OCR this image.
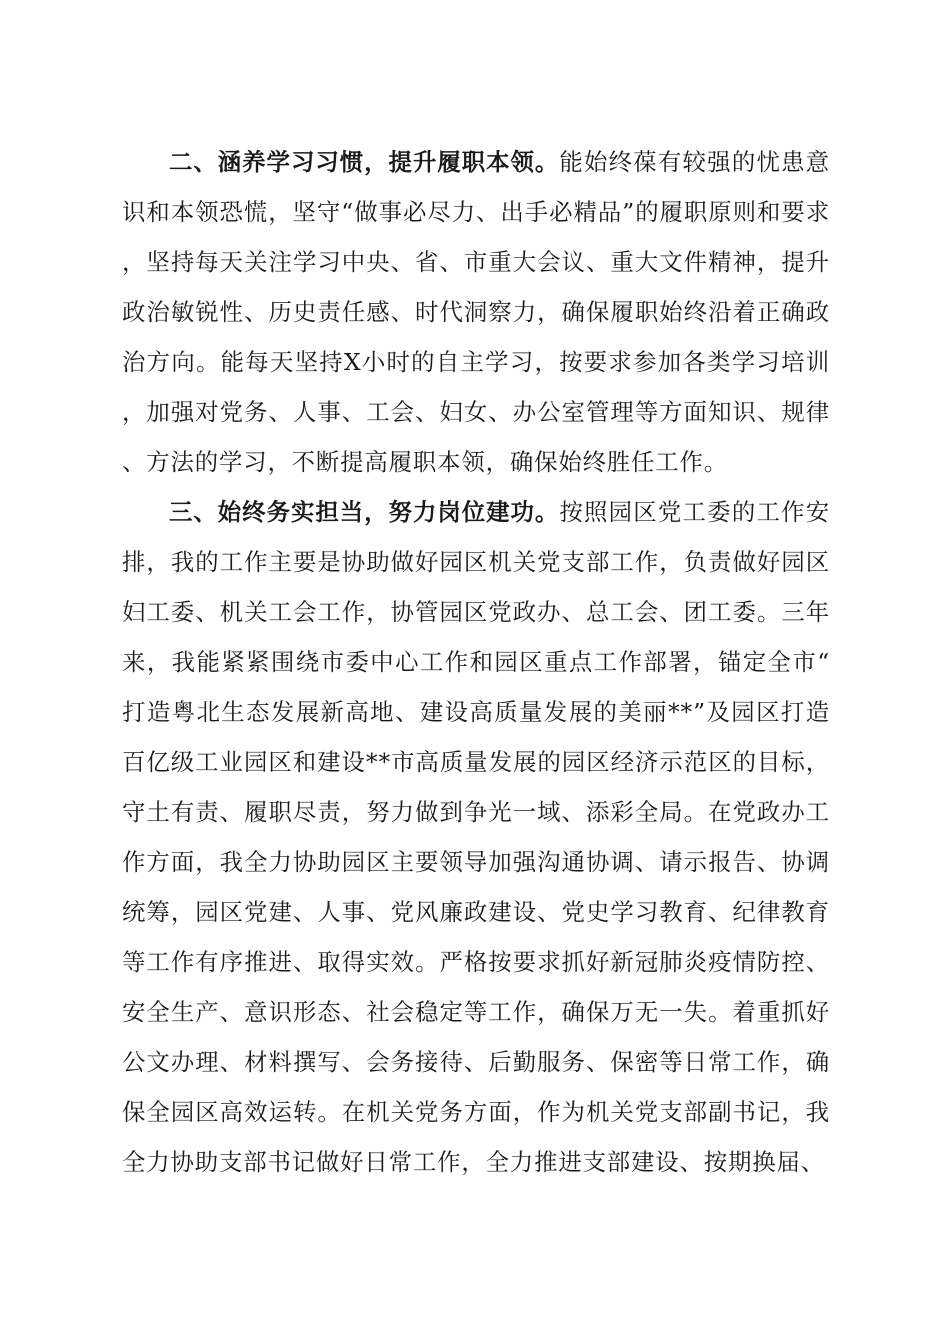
二、涵养学习习惯，提升履职本领。能始终葆有较强的忧患意识和本领恐慌，坚守“做事必尽力、出手必精品”的履职原则和要求，坚持每天关注学习中央、省、市重大会议、重大文件精神，提升政治敏锐性、历史责任感、时代洞察力，确保履职始终沿着正确政治方向。能每天坚持X小时的自主学习，按要求参加各类学习培训，加强对党务、人事、工会、妇女、办公室管理等方面知识、规律、方法的学习，不断提高履职本领，确保始终胜任工作。

三、始终务实担当，努力岗位建功。按照园区党工委的工作安排，我的工作主要是协助做好园区机关党支部工作，负责做好园区妇工委、机关工会工作，协管园区党政办、总工会、团工委。三年来，我能紧紧围绕市委中心工作和园区重点工作部署，锚定全市“打造粤北生态发展新高地、建设高质量发展的美丽**”及园区打造百亿级工业园区和建设**市高质量发展的园区经济示范区的目标，守土有责、履职尽责，努力做到争光一域、添彩全局。在党政办工作方面，我全力协助园区主要领导加强沟通协调、请示报告、协调统筹，园区党建、人事、党风廉政建设、党史学习教育、纪律教育等工作有序推进、取得实效。严格按要求抓好新冠肺炎疫情防控、安全生产、意识形态、社会稳定等工作，确保万无一失。着重抓好公文办理、材料撰写、会务接待、后勤服务、保密等日常工作，确保全园区高效运转。在机关党务方面，作为机关党支部副书记，我全力协助支部书记做好日常工作，全力推进支部建设、按期换届、
